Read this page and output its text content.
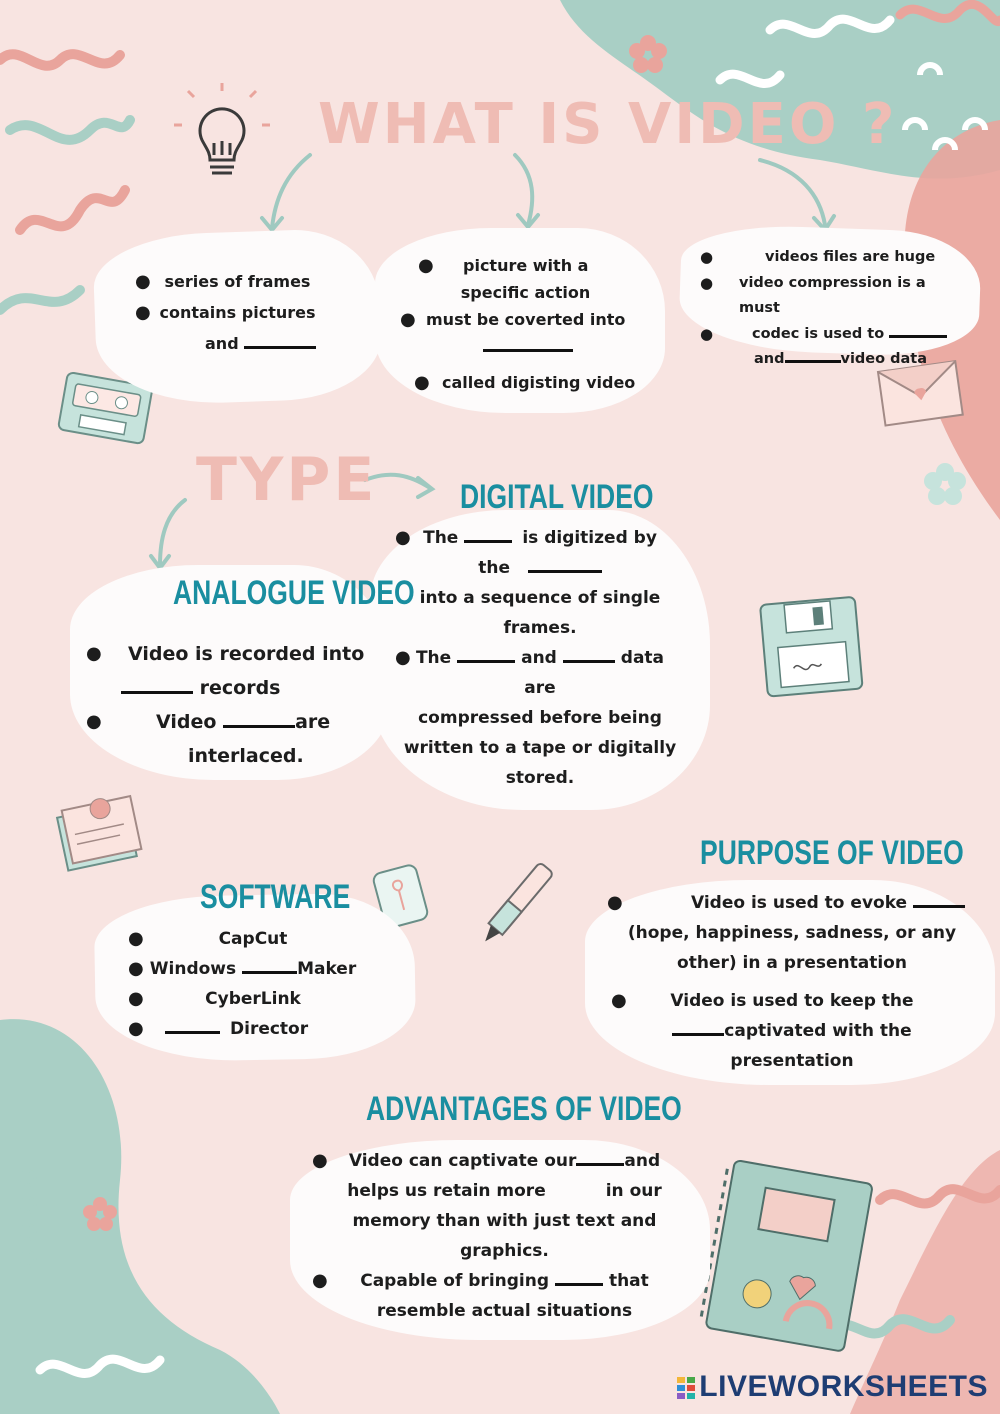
WHAT IS VIDEO ?
● series of frames
● contains pictures
and
● picture with a
specific action
● must be coverted into
● called digisting video
●	videos files are huge
● video compression is a must
●	codec is used to
and	video data
TYPE
ANALOGUE VIDEO
● Video is recorded into
records
●	Video	are
interlaced.
DIGITAL VIDEO
● The	is digitized by
the
into a sequence of single
frames.
● The	and	data
are
compressed before being
written to a tape or digitally
stored.
SOFTWARE
●	CapCut
● Windows	Maker
●	CyberLink
●	Director
PURPOSE OF VIDEO
●	Video is used to evoke
(hope, happiness, sadness, or any
other) in a presentation
●	Video is used to keep the
captivated with the
presentation
ADVANTAGES OF VIDEO
● Video can captivate our	and
helps us retain more	in our
memory than with just text and
graphics.
● Capable of bringing	that
resemble actual situations
LIVEWORKSHEETS
